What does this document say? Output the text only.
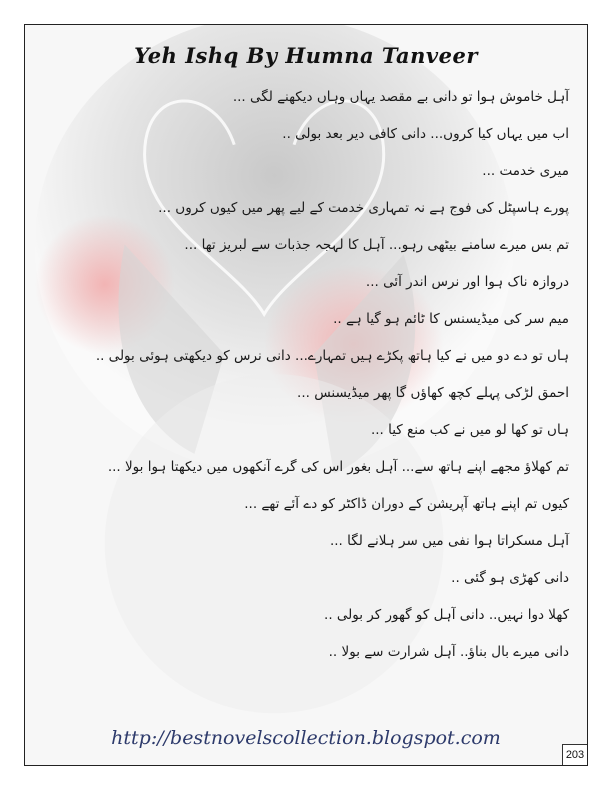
Yeh Ishq By Humna Tanveer
آہل خاموش ہوا تو دانی بے مقصد یہاں وہاں دیکھنے لگی ...
اب میں یہاں کیا کروں... دانی کافی دیر بعد بولی ..
میری خدمت ...
پورے ہاسپٹل کی فوج ہے نہ تمہاری خدمت کے لیے پھر میں کیوں کروں ...
تم بس میرے سامنے بیٹھی رہو... آہل کا لہجہ جذبات سے لبریز تھا ...
دروازہ ناک ہوا اور نرس اندر آئی ...
میم سر کی میڈیسنس کا ٹائم ہو گیا ہے ..
ہاں تو دے دو میں نے کیا ہاتھ پکڑے ہیں تمہارے... دانی نرس کو دیکھتی ہوئی بولی ..
احمق لڑکی پہلے کچھ کھاؤں گا پھر میڈیسنس ...
ہاں تو کھا لو میں نے کب منع کیا ...
تم کھلاؤ مجھے اپنے ہاتھ سے... آہل بغور اس کی گرے آنکھوں میں دیکھتا ہوا بولا ...
کیوں تم اپنے ہاتھ آپریشن کے دوران ڈاکٹر کو دے آئے تھے ...
آہل مسکراتا ہوا نفی میں سر ہلانے لگا ...
دانی کھڑی ہو گئی ..
کھلا دوا نہیں.. دانی آہل کو گھور کر بولی ..
دانی میرے بال بناؤ.. آہل شرارت سے بولا ..
http://bestnovelscollection.blogspot.com
203
